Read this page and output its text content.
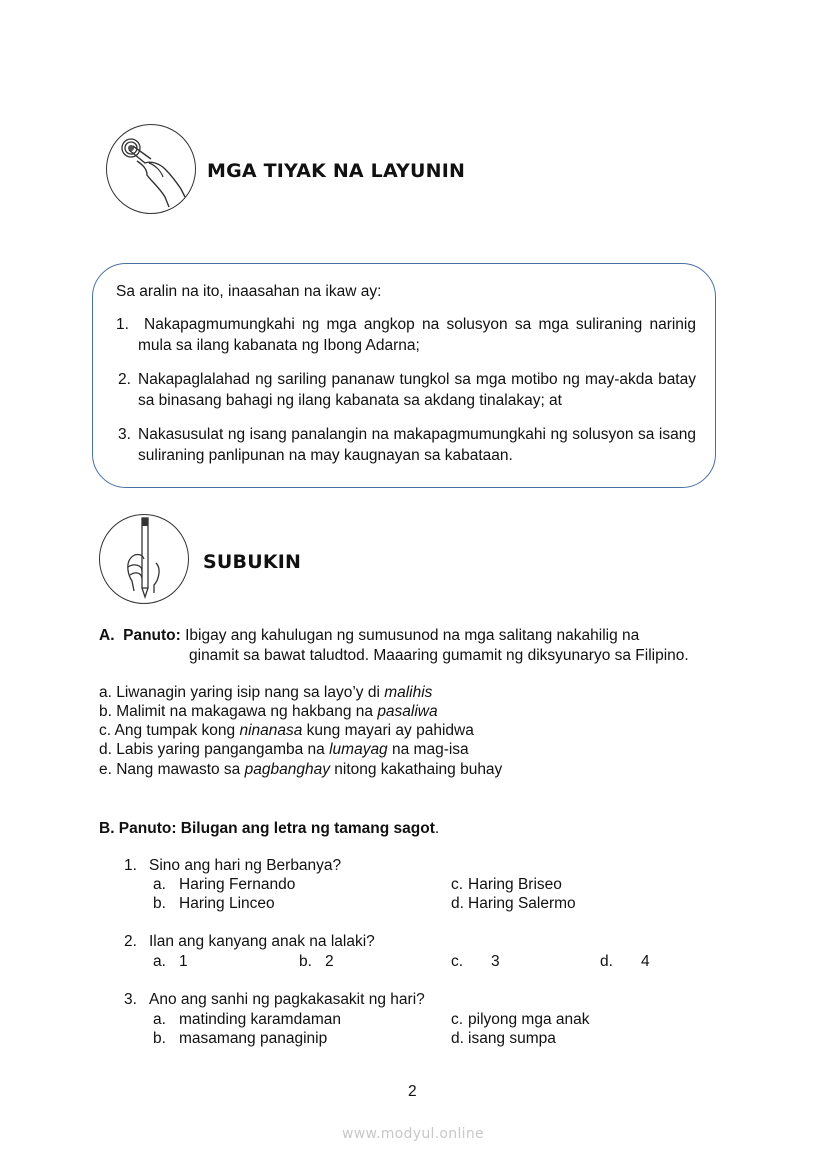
MGA TIYAK NA LAYUNIN
Sa aralin na ito, inaasahan na ikaw ay:
1. Nakapagmumungkahi ng mga angkop na solusyon sa mga suliraning narinig mula sa ilang kabanata ng Ibong Adarna;
2. Nakapaglalahad ng sariling pananaw tungkol sa mga motibo ng may-akda batay sa binasang bahagi ng ilang kabanata sa akdang tinalakay; at
3. Nakasusulat ng isang panalangin na makapagmumungkahi ng solusyon sa isang suliraning panlipunan na may kaugnayan sa kabataan.
SUBUKIN
A.  Panuto: Ibigay ang kahulugan ng sumusunod na mga salitang nakahilig na
ginamit sa bawat taludtod. Maaaring gumamit ng diksyunaryo sa Filipino.
a. Liwanagin yaring isip nang sa layo’y di malihis
b. Malimit na makagawa ng hakbang na pasaliwa
c. Ang tumpak kong ninanasa kung mayari ay pahidwa
d. Labis yaring pangangamba na lumayag na mag-isa
e. Nang mawasto sa pagbanghay nitong kakathaing buhay
B. Panuto: Bilugan ang letra ng tamang sagot.
1. Sino ang hari ng Berbanya?
a. Haring Fernando
b. Haring Linceo
c. Haring Briseo
d. Haring Salermo
2. Ilan ang kanyang anak na lalaki?
a. 1	b. 2	c. 3	d. 4
3. Ano ang sanhi ng pagkakasakit ng hari?
a. matinding karamdaman
b. masamang panaginip
c. pilyong mga anak
d. isang sumpa
2
www.modyul.online
